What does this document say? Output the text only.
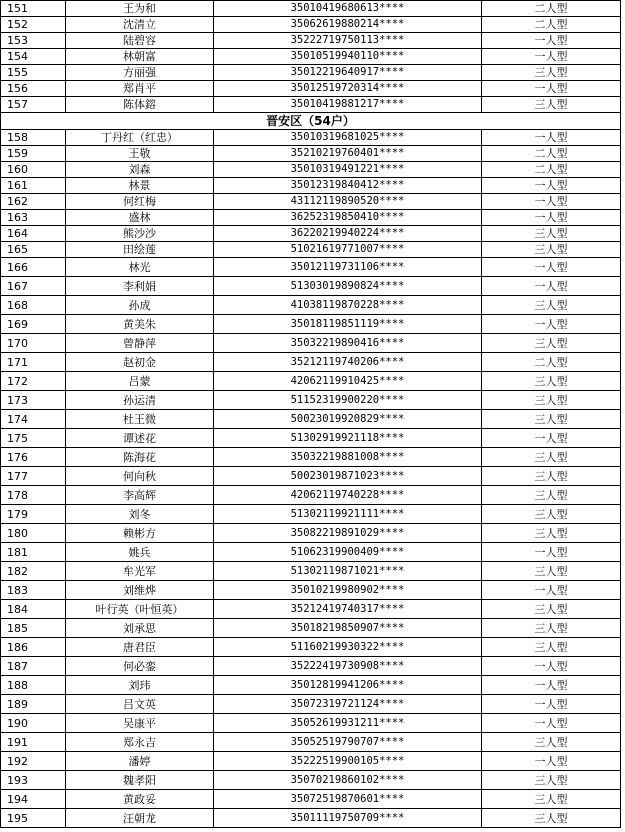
151	王为和	35010419680613****	二人型
152	沈清立	35062619880214****	二人型
153	陆碧容	35222719750113****	一人型
154	林朝富	35010519940110****	一人型
155	方丽强	35012219640917****	三人型
156	郑肖平	35012519720314****	一人型
157	陈体鎔	35010419881217****	三人型
晋安区（54户）			
158	丁丹红（红忠）	35010319681025****	一人型
159	王敬	35210219760401****	二人型
160	刘森	35010319491221****	二人型
161	林景	35012319840412****	一人型
162	何红梅	43112119890520****	一人型
163	盛林	36252319850410****	一人型
164	熊沙沙	36220219940224****	三人型
165	田绘莲	51021619771007****	三人型
166	林光	35012119731106****	一人型
167	李利娟	51303019890824****	一人型
168	孙成	41038119870228****	三人型
169	黄美朱	35018119851119****	一人型
170	曾静萍	35032219890416****	三人型
171	赵初金	35212119740206****	二人型
172	吕蒙	42062119910425****	三人型
173	孙运清	51152319900220****	三人型
174	杜王微	50023019920829****	三人型
175	谭述花	51302919921118****	一人型
176	陈海花	35032219881008****	三人型
177	何向秋	50023019871023****	三人型
178	李高辉	42062119740228****	三人型
179	刘冬	51302119921111****	三人型
180	赖彬方	35082219891029****	三人型
181	姚兵	51062319900409****	一人型
182	牟光军	51302119871021****	三人型
183	刘维烨	35010219980902****	一人型
184	叶行英（叶恒英）	35212419740317****	三人型
185	刘承思	35018219850907****	三人型
186	唐君臣	51160219930322****	三人型
187	何必銮	35222419730908****	一人型
188	刘玮	35012819941206****	一人型
189	吕文英	35072319721124****	一人型
190	吴康平	35052619931211****	一人型
191	郑永吉	35052519790707****	三人型
192	潘婷	35222519900105****	一人型
193	魏孝阳	35070219860102****	三人型
194	黄政妥	35072519870601****	三人型
195	汪朝龙	35011119750709****	三人型
